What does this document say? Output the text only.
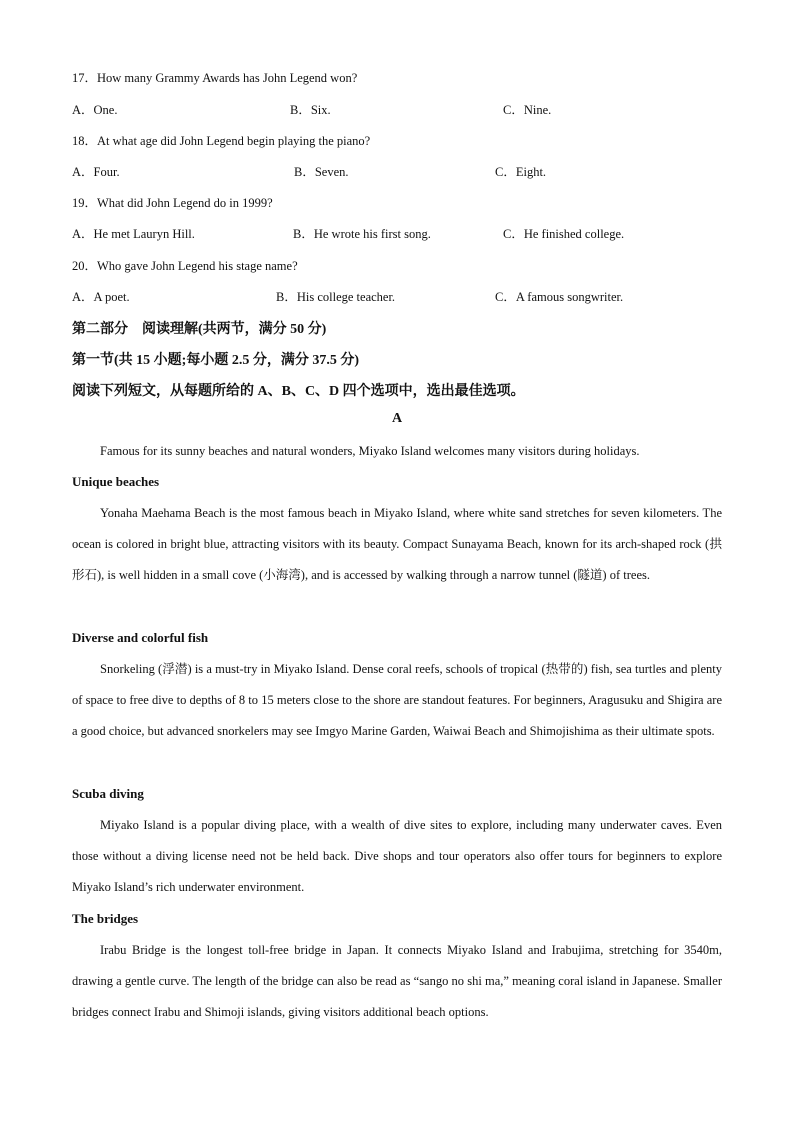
17．How many Grammy Awards has John Legend won?
A．One.	B．Six.	C．Nine.
18．At what age did John Legend begin playing the piano?
A．Four.	B．Seven.	C．Eight.
19．What did John Legend do in 1999?
A．He met Lauryn Hill.	B．He wrote his first song.	C．He finished college.
20．Who gave John Legend his stage name?
A．A poet.	B．His college teacher.	C．A famous songwriter.
第二部分　阅读理解(共两节，满分 50 分)
第一节(共 15 小题;每小题 2.5 分，满分 37.5 分)
阅读下列短文，从每题所给的 A、B、C、D 四个选项中，选出最佳选项。
A
Famous for its sunny beaches and natural wonders, Miyako Island welcomes many visitors during holidays.
Unique beaches
Yonaha Maehama Beach is the most famous beach in Miyako Island, where white sand stretches for seven kilometers. The ocean is colored in bright blue, attracting visitors with its beauty. Compact Sunayama Beach, known for its arch-shaped rock (拱形石), is well hidden in a small cove (小海湾), and is accessed by walking through a narrow tunnel (隧道) of trees.
Diverse and colorful fish
Snorkeling (浮潜) is a must-try in Miyako Island. Dense coral reefs, schools of tropical (热带的) fish, sea turtles and plenty of space to free dive to depths of 8 to 15 meters close to the shore are standout features. For beginners, Aragusuku and Shigira are a good choice, but advanced snorkelers may see Imgyo Marine Garden, Waiwai Beach and Shimojishima as their ultimate spots.
Scuba diving
Miyako Island is a popular diving place, with a wealth of dive sites to explore, including many underwater caves. Even those without a diving license need not be held back. Dive shops and tour operators also offer tours for beginners to explore Miyako Island’s rich underwater environment.
The bridges
Irabu Bridge is the longest toll-free bridge in Japan. It connects Miyako Island and Irabujima, stretching for 3540m, drawing a gentle curve. The length of the bridge can also be read as “sango no shi ma,” meaning coral island in Japanese. Smaller bridges connect Irabu and Shimoji islands, giving visitors additional beach options.
